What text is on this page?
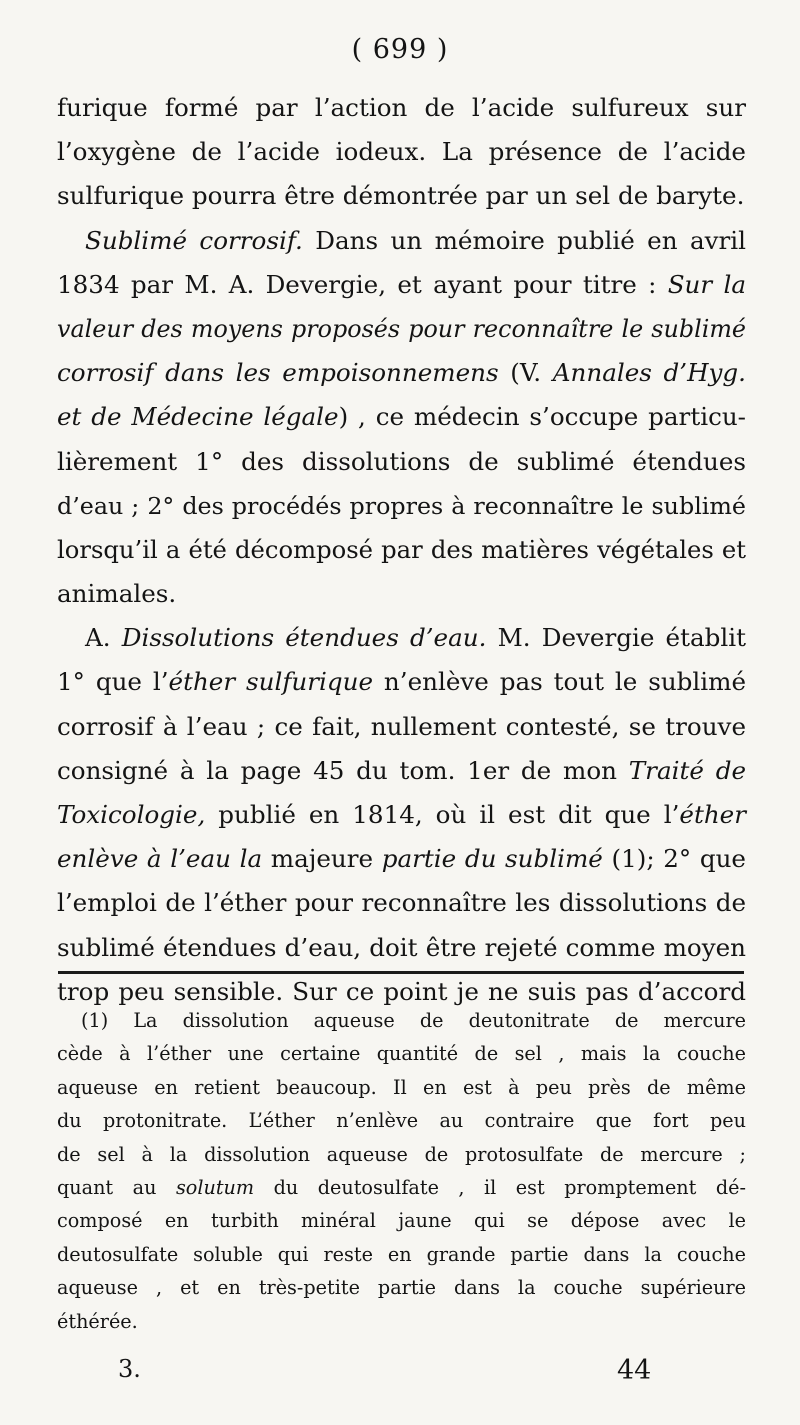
( 699 )
furique formé par l’action de l’acide sulfureux sur
l’oxygène de l’acide iodeux. La présence de l’acide
sulfurique pourra être démontrée par un sel de baryte.
Sublimé corrosif. Dans un mémoire publié en avril
1834 par M. A. Devergie, et ayant pour titre : Sur la
valeur des moyens proposés pour reconnaître le sublimé
corrosif dans les empoisonnemens (V. Annales d’Hyg.
et de Médecine légale) , ce médecin s’occupe particu-
lièrement 1° des dissolutions de sublimé étendues
d’eau ; 2° des procédés propres à reconnaître le sublimé
lorsqu’il a été décomposé par des matières végétales et
animales.
A. Dissolutions étendues d’eau. M. Devergie établit
1° que l’éther sulfurique n’enlève pas tout le sublimé
corrosif à l’eau ; ce fait, nullement contesté, se trouve
consigné à la page 45 du tom. 1er de mon Traité de
Toxicologie, publié en 1814, où il est dit que l’éther
enlève à l’eau la majeure partie du sublimé (1); 2° que
l’emploi de l’éther pour reconnaître les dissolutions de
sublimé étendues d’eau, doit être rejeté comme moyen
trop peu sensible. Sur ce point je ne suis pas d’accord
(1) La dissolution aqueuse de deutonitrate de mercure
cède à l’éther une certaine quantité de sel , mais la couche
aqueuse en retient beaucoup. Il en est à peu près de même
du protonitrate. L’éther n’enlève au contraire que fort peu
de sel à la dissolution aqueuse de protosulfate de mercure ;
quant au solutum du deutosulfate , il est promptement dé-
composé en turbith minéral jaune qui se dépose avec le
deutosulfate soluble qui reste en grande partie dans la couche
aqueuse , et en très-petite partie dans la couche supérieure
éthérée.
3.	44
